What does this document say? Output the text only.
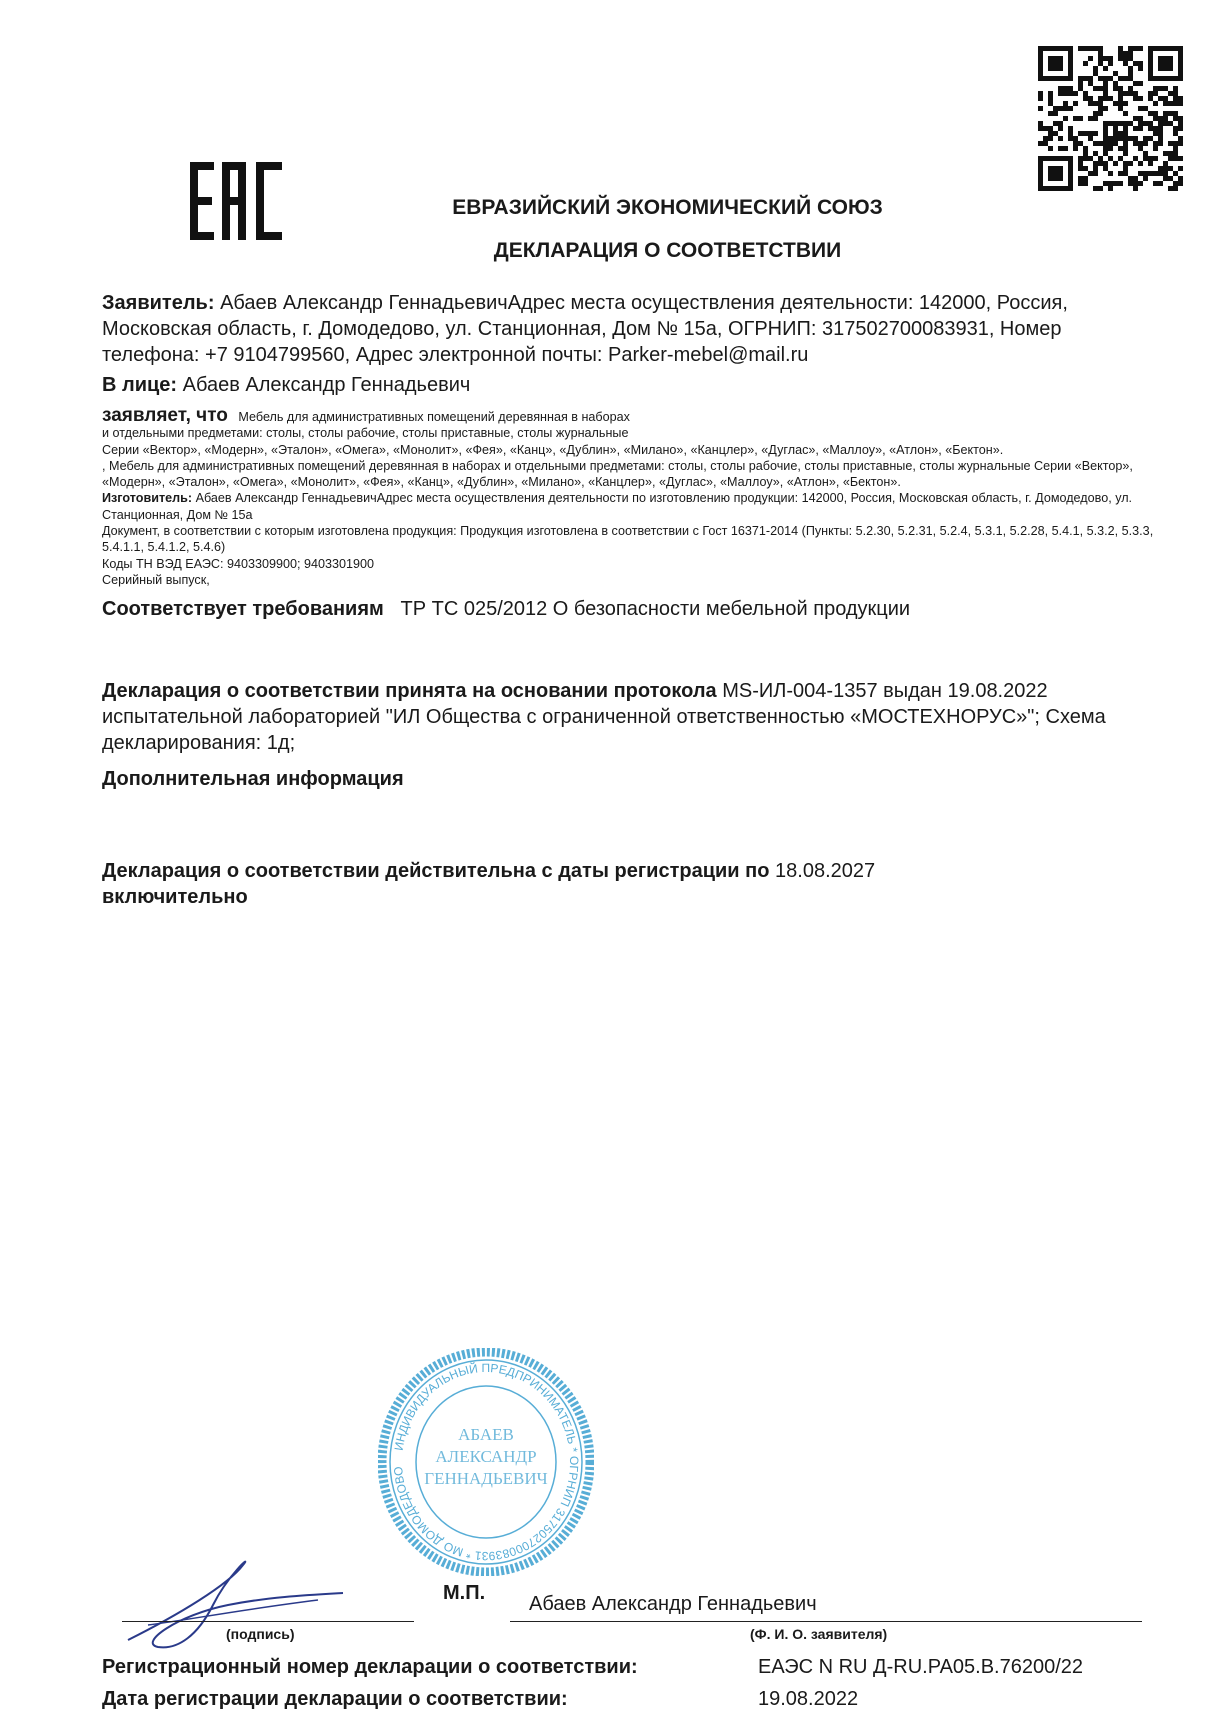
ЕВРАЗИЙСКИЙ ЭКОНОМИЧЕСКИЙ СОЮЗ
ДЕКЛАРАЦИЯ О СООТВЕТСТВИИ
Заявитель: Абаев Александр ГеннадьевичАдрес места осуществления деятельности: 142000, Россия, Московская область, г. Домодедово, ул. Станционная, Дом № 15а, ОГРНИП: 317502700083931, Номер телефона: +7 9104799560, Адрес электронной почты: Parker-mebel@mail.ru
В лице: Абаев Александр Геннадьевич
заявляет, что Мебель для административных помещений деревянная в наборах
и отдельными предметами: столы, столы рабочие, столы приставные, столы журнальные
Серии «Вектор», «Модерн», «Эталон», «Омега», «Монолит», «Фея», «Канц», «Дублин», «Милано», «Канцлер», «Дуглас», «Маллоу», «Атлон», «Бектон».
, Мебель для административных помещений деревянная в наборах и отдельными предметами: столы, столы рабочие, столы приставные, столы журнальные Серии «Вектор», «Модерн», «Эталон», «Омега», «Монолит», «Фея», «Канц», «Дублин», «Милано», «Канцлер», «Дуглас», «Маллоу», «Атлон», «Бектон».
Изготовитель: Абаев Александр ГеннадьевичАдрес места осуществления деятельности по изготовлению продукции: 142000, Россия, Московская область, г. Домодедово, ул. Станционная, Дом № 15а
Документ, в соответствии с которым изготовлена продукция: Продукция изготовлена в соответствии с Гост 16371-2014 (Пункты: 5.2.30, 5.2.31, 5.2.4, 5.3.1, 5.2.28, 5.4.1, 5.3.2, 5.3.3, 5.4.1.1, 5.4.1.2, 5.4.6)
Коды ТН ВЭД ЕАЭС: 9403309900; 9403301900
Серийный выпуск,
Соответствует требованиям ТР ТС 025/2012 О безопасности мебельной продукции
Декларация о соответствии принята на основании протокола MS-ИЛ-004-1357 выдан 19.08.2022 испытательной лабораторией "ИЛ Общества с ограниченной ответственностью «МОСТЕХНОРУС»"; Схема декларирования: 1д;
Дополнительная информация
Декларация о соответствии действительна с даты регистрации по 18.08.2027
включительно
ИНДИВИДУАЛЬНЫЙ ПРЕДПРИНИМАТЕЛЬ * ОГРНИП 317502700083931 * МО ДОМОДЕДОВО
АБАЕВ
АЛЕКСАНДР
ГЕННАДЬЕВИЧ
М.П. Абаев Александр Геннадьевич
(подпись)	(Ф. И. О. заявителя)
Регистрационный номер декларации о соответствии:	ЕАЭС N RU Д-RU.PA05.B.76200/22
Дата регистрации декларации о соответствии:	19.08.2022
